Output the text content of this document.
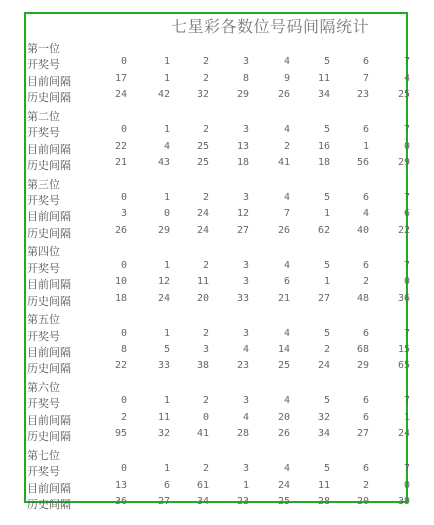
七星彩各数位号码间隔统计
第一位
开奖号	0	1	2	3	4	5	6	7
目前间隔	17	1	2	8	9	11	7	4
历史间隔	24	42	32	29	26	34	23	25
第二位
开奖号	0	1	2	3	4	5	6	7
目前间隔	22	4	25	13	2	16	1	0
历史间隔	21	43	25	18	41	18	56	29
第三位
开奖号	0	1	2	3	4	5	6	7
目前间隔	3	0	24	12	7	1	4	6
历史间隔	26	29	24	27	26	62	40	22
第四位
开奖号	0	1	2	3	4	5	6	7
目前间隔	10	12	11	3	6	1	2	0
历史间隔	18	24	20	33	21	27	48	36
第五位
开奖号	0	1	2	3	4	5	6	7
目前间隔	8	5	3	4	14	2	68	15
历史间隔	22	33	38	23	25	24	29	65
第六位
开奖号	0	1	2	3	4	5	6	7
目前间隔	2	11	0	4	20	32	6	1
历史间隔	95	32	41	28	26	34	27	24
第七位
开奖号	0	1	2	3	4	5	6	7
目前间隔	13	6	61	1	24	11	2	0
历史间隔	36	27	34	23	25	28	20	39
